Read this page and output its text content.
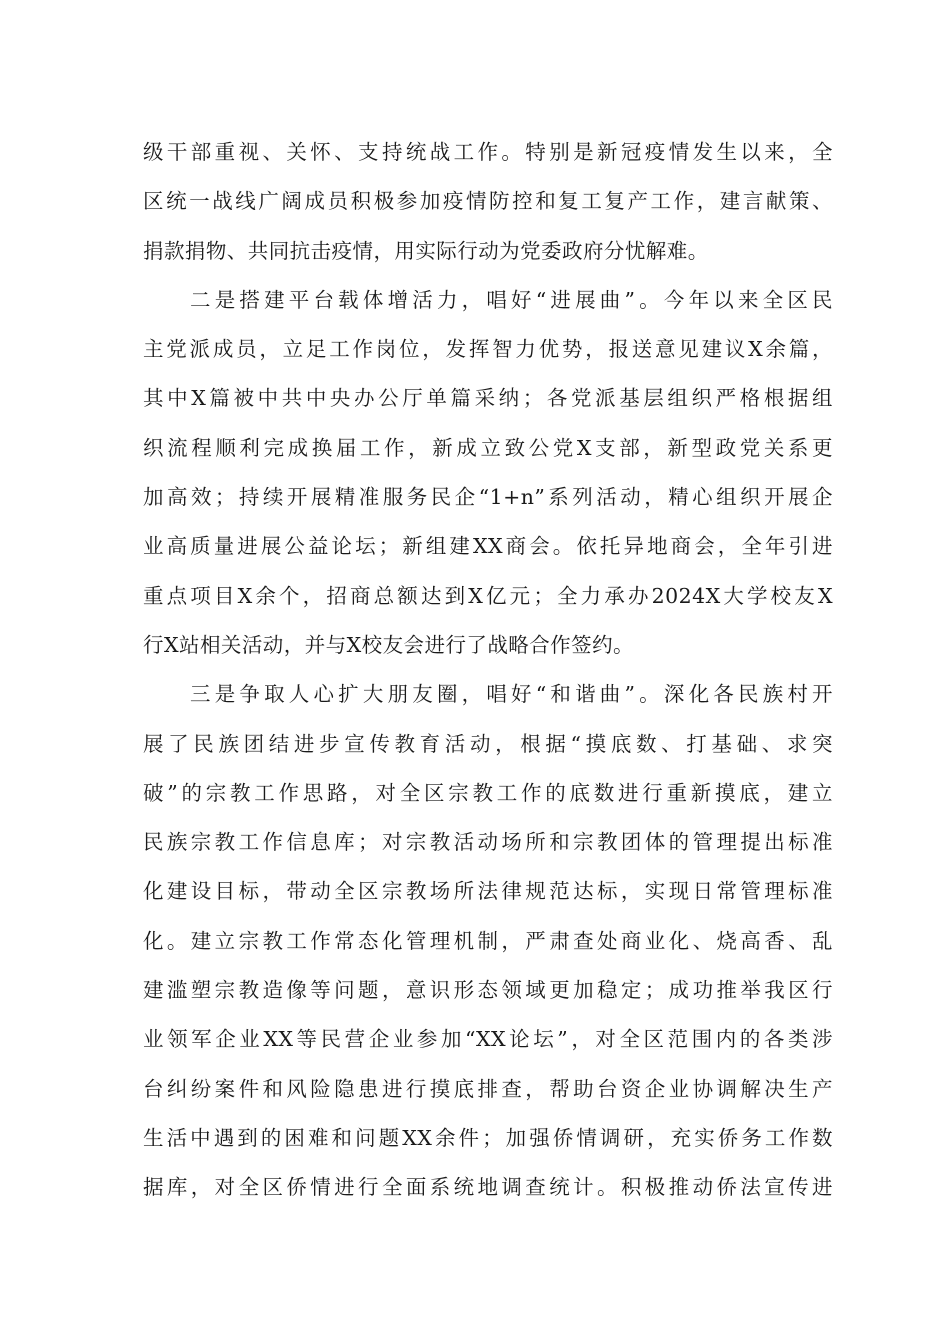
级干部重视、关怀、支持统战工作。特别是新冠疫情发生以来，全
区统一战线广阔成员积极参加疫情防控和复工复产工作，建言献策、
捐款捐物、共同抗击疫情，用实际行动为党委政府分忧解难。
二是搭建平台载体增活力，唱好“进展曲”。今年以来全区民
主党派成员，立足工作岗位，发挥智力优势，报送意见建议X余篇，
其中X篇被中共中央办公厅单篇采纳；各党派基层组织严格根据组
织流程顺利完成换届工作，新成立致公党X支部，新型政党关系更
加高效；持续开展精准服务民企“1+n”系列活动，精心组织开展企
业高质量进展公益论坛；新组建XX商会。依托异地商会，全年引进
重点项目X余个，招商总额达到X亿元；全力承办2024X大学校友X
行X站相关活动，并与X校友会进行了战略合作签约。
三是争取人心扩大朋友圈，唱好“和谐曲”。深化各民族村开
展了民族团结进步宣传教育活动，根据“摸底数、打基础、求突
破”的宗教工作思路，对全区宗教工作的底数进行重新摸底，建立
民族宗教工作信息库；对宗教活动场所和宗教团体的管理提出标准
化建设目标，带动全区宗教场所法律规范达标，实现日常管理标准
化。建立宗教工作常态化管理机制，严肃查处商业化、烧高香、乱
建滥塑宗教造像等问题，意识形态领域更加稳定；成功推举我区行
业领军企业XX等民营企业参加“XX论坛”，对全区范围内的各类涉
台纠纷案件和风险隐患进行摸底排查，帮助台资企业协调解决生产
生活中遇到的困难和问题XX余件；加强侨情调研，充实侨务工作数
据库，对全区侨情进行全面系统地调查统计。积极推动侨法宣传进
